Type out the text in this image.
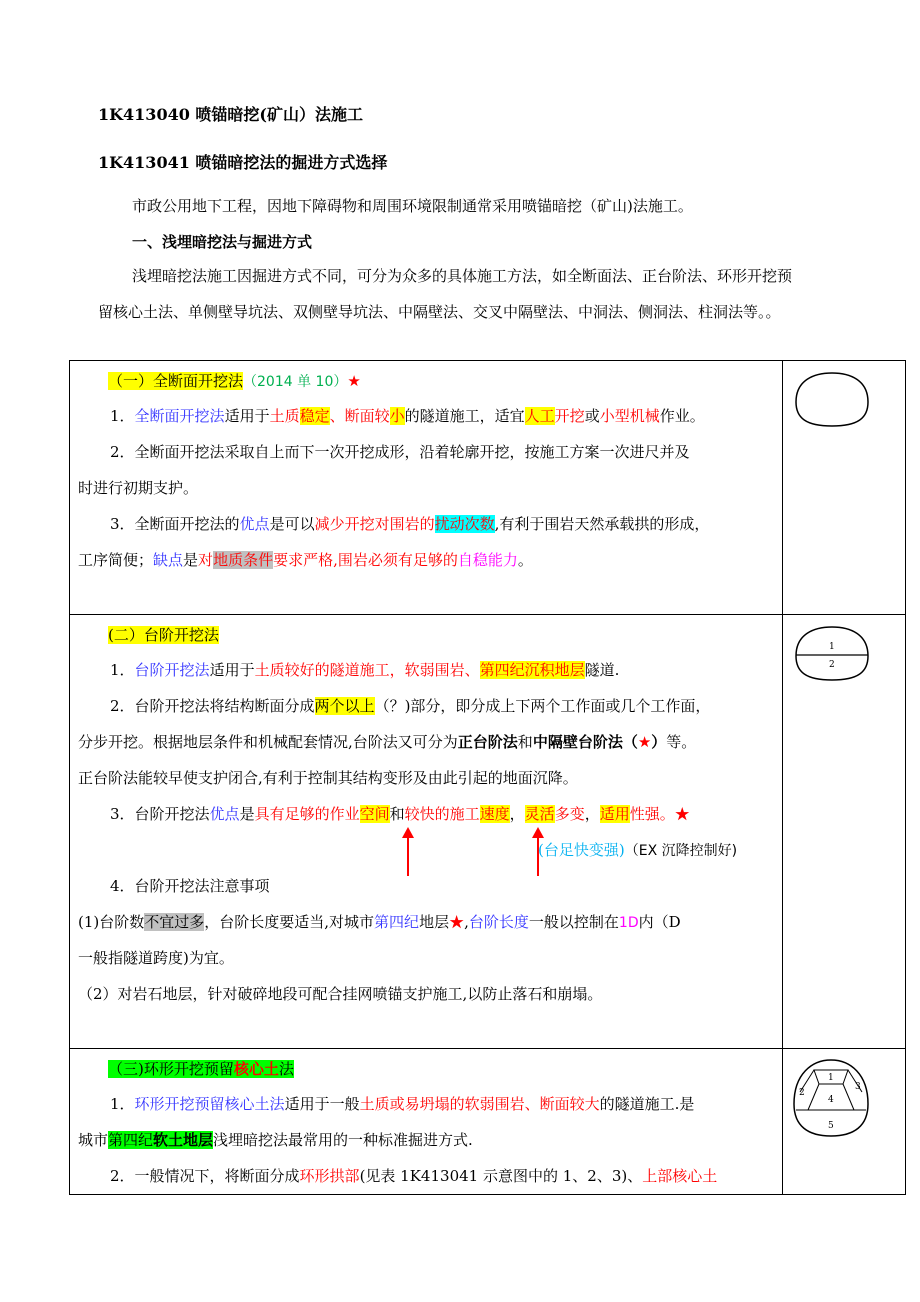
1K413040 喷锚暗挖(矿山）法施工
1K413041 喷锚暗挖法的掘进方式选择
市政公用地下工程，因地下障碍物和周围环境限制通常采用喷锚暗挖（矿山)法施工。
一、浅埋暗挖法与掘进方式
浅埋暗挖法施工因掘进方式不同，可分为众多的具体施工方法，如全断面法、正台阶法、环形开挖预
留核心土法、单侧壁导坑法、双侧壁导坑法、中隔壁法、交叉中隔壁法、中洞法、侧洞法、柱洞法等。。
（一）全断面开挖法（2014 单 10）★
1．全断面开挖法适用于土质稳定、断面较小的隧道施工，适宜人工开挖或小型机械作业。
2．全断面开挖法采取自上而下一次开挖成形，沿着轮廓开挖，按施工方案一次进尺并及
时进行初期支护。
3．全断面开挖法的优点是可以减少开挖对围岩的扰动次数,有利于围岩天然承载拱的形成，
工序简便；缺点是对地质条件要求严格,围岩必须有足够的自稳能力。
(二）台阶开挖法
1．台阶开挖法适用于土质较好的隧道施工，软弱围岩、第四纪沉积地层隧道.
2．台阶开挖法将结构断面分成两个以上（？)部分，即分成上下两个工作面或几个工作面，
分步开挖。根据地层条件和机械配套情况,台阶法又可分为正台阶法和中隔壁台阶法（★）等。
正台阶法能较早使支护闭合,有利于控制其结构变形及由此引起的地面沉降。
3．台阶开挖法优点是具有足够的作业空间和较快的施工速度，灵活多变，适用性强。★
(台足快变强)（EX 沉降控制好)
4．台阶开挖法注意事项
(1)台阶数不宜过多，台阶长度要适当,对城市第四纪地层★,台阶长度一般以控制在1D内（D
一般指隧道跨度)为宜。
（2）对岩石地层，针对破碎地段可配合挂网喷锚支护施工,以防止落石和崩塌。
1
2
（三)环形开挖预留核心土法
1．环形开挖预留核心土法适用于一般土质或易坍塌的软弱围岩、断面较大的隧道施工.是
城市第四纪软土地层浅埋暗挖法最常用的一种标准掘进方式.
2．一般情况下，将断面分成环形拱部(见表 1K413041 示意图中的 1、2、3)、上部核心土
1
2
3
4
5
